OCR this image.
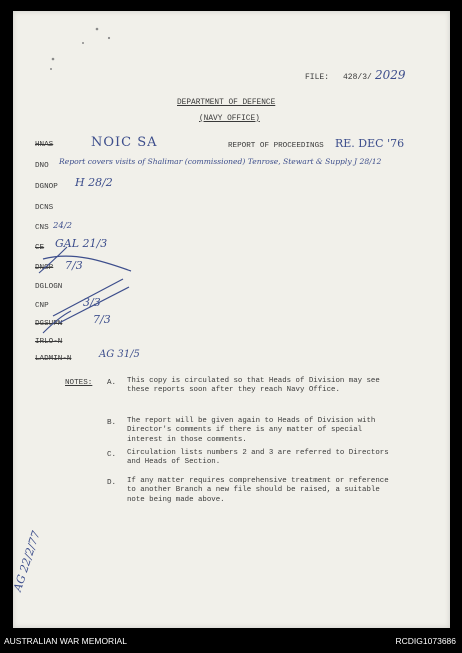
FILE: 428/3/ 2029
DEPARTMENT OF DEFENCE
(NAVY OFFICE)
HNAS	NOIC SA	REPORT OF PROCEEDINGS RE. DEC '76
DNO Report covers visits of Shalimar (commissioned) Tenrose, Stewart & Supply J 28/12
DGNOP H 28/2
DCNS
CNS 24/2
CE GAL 21/3
DNOP 7/3
DGLOGN
CNP	3/3
DGSUPN	7/3
IRLO-N
LADMIN-N	AG 31/5
NOTES: A. This copy is circulated so that Heads of Division may see these reports soon after they reach Navy Office.
B. The report will be given again to Heads of Division with Director's comments if there is any matter of special interest in those comments.
C. Circulation lists numbers 2 and 3 are referred to Directors and Heads of Section.
D. If any matter requires comprehensive treatment or reference to another Branch a new file should be raised, a suitable note being made above.
AG 22/2/77
AUSTRALIAN WAR MEMORIAL	RCDIG1073686
